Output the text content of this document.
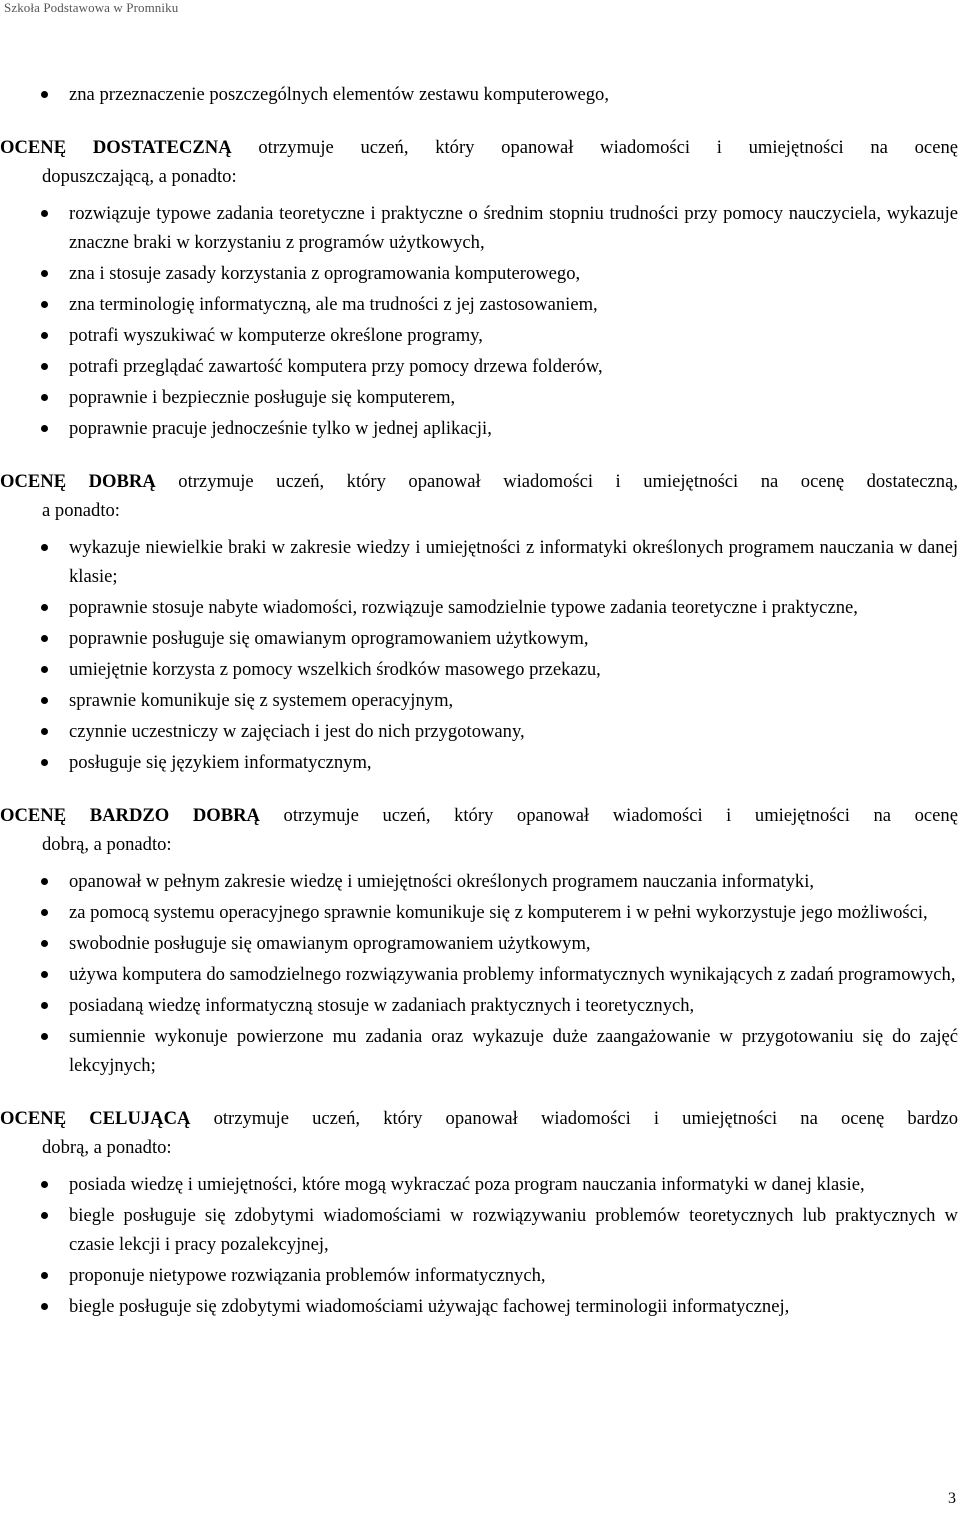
Szkoła Podstawowa w Promniku
zna przeznaczenie poszczególnych elementów zestawu komputerowego,
OCENĘ DOSTATECZNĄ otrzymuje uczeń, który opanował wiadomości i umiejętności na ocenę
dopuszczającą, a ponadto:
rozwiązuje typowe zadania teoretyczne i praktyczne o średnim stopniu trudności przy pomocy nauczyciela, wykazuje znaczne braki w korzystaniu z programów użytkowych,
zna i stosuje zasady korzystania z oprogramowania komputerowego,
zna terminologię informatyczną, ale ma trudności z jej zastosowaniem,
potrafi wyszukiwać w komputerze określone programy,
potrafi przeglądać zawartość komputera przy pomocy drzewa folderów,
poprawnie i bezpiecznie posługuje się komputerem,
poprawnie pracuje jednocześnie tylko w jednej aplikacji,
OCENĘ DOBRĄ otrzymuje uczeń, który opanował wiadomości i umiejętności na ocenę dostateczną,
a ponadto:
wykazuje niewielkie braki w zakresie wiedzy i umiejętności z informatyki określonych programem nauczania w danej klasie;
poprawnie stosuje nabyte wiadomości, rozwiązuje samodzielnie typowe zadania teoretyczne i praktyczne,
poprawnie posługuje się omawianym oprogramowaniem użytkowym,
umiejętnie korzysta z pomocy wszelkich środków masowego przekazu,
sprawnie komunikuje się z systemem operacyjnym,
czynnie uczestniczy w zajęciach i jest do nich przygotowany,
posługuje się językiem informatycznym,
OCENĘ BARDZO DOBRĄ otrzymuje uczeń, który opanował wiadomości i umiejętności na ocenę
dobrą, a ponadto:
opanował w pełnym zakresie wiedzę i umiejętności określonych programem nauczania informatyki,
za pomocą systemu operacyjnego sprawnie komunikuje się z komputerem i w pełni wykorzystuje jego możliwości,
swobodnie posługuje się omawianym oprogramowaniem użytkowym,
używa komputera do samodzielnego rozwiązywania problemy informatycznych wynikających z zadań programowych,
posiadaną wiedzę informatyczną stosuje w zadaniach praktycznych i teoretycznych,
sumiennie wykonuje powierzone mu zadania oraz wykazuje duże zaangażowanie w przygotowaniu się do zajęć lekcyjnych;
OCENĘ CELUJĄCĄ otrzymuje uczeń, który opanował wiadomości i umiejętności na ocenę bardzo
dobrą, a ponadto:
posiada wiedzę i umiejętności, które mogą wykraczać poza program nauczania informatyki w danej klasie,
biegle posługuje się zdobytymi wiadomościami w rozwiązywaniu problemów teoretycznych lub praktycznych w czasie lekcji i pracy pozalekcyjnej,
proponuje nietypowe rozwiązania problemów informatycznych,
biegle posługuje się zdobytymi wiadomościami używając fachowej terminologii informatycznej,
3
